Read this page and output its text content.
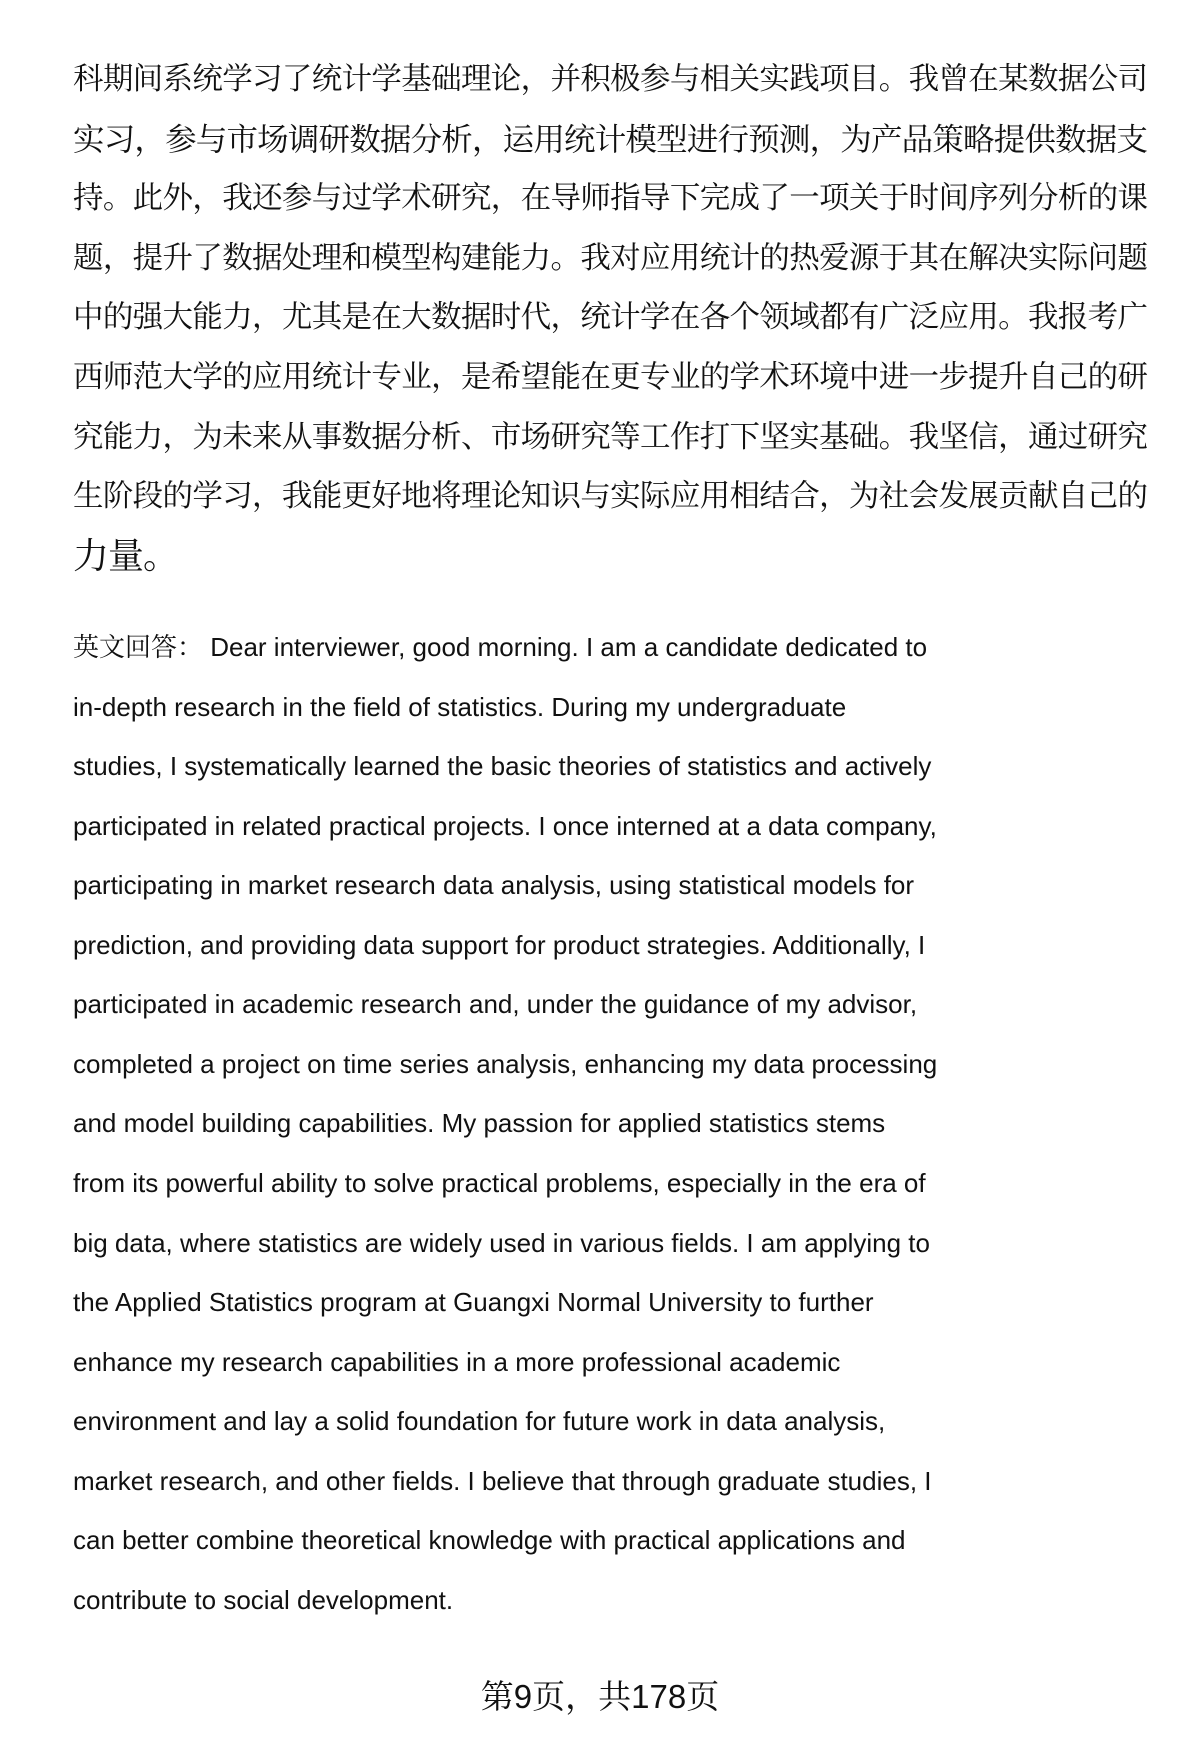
科期间系统学习了统计学基础理论，并积极参与相关实践项目。我曾在某数据公司
实习，参与市场调研数据分析，运用统计模型进行预测，为产品策略提供数据支
持。此外，我还参与过学术研究，在导师指导下完成了一项关于时间序列分析的课
题，提升了数据处理和模型构建能力。我对应用统计的热爱源于其在解决实际问题
中的强大能力，尤其是在大数据时代，统计学在各个领域都有广泛应用。我报考广
西师范大学的应用统计专业，是希望能在更专业的学术环境中进一步提升自己的研
究能力，为未来从事数据分析、市场研究等工作打下坚实基础。我坚信，通过研究
生阶段的学习，我能更好地将理论知识与实际应用相结合，为社会发展贡献自己的
力量。
英文回答： Dear interviewer, good morning. I am a candidate dedicated to
in-depth research in the field of statistics. During my undergraduate
studies, I systematically learned the basic theories of statistics and actively
participated in related practical projects. I once interned at a data company,
participating in market research data analysis, using statistical models for
prediction, and providing data support for product strategies. Additionally, I
participated in academic research and, under the guidance of my advisor,
completed a project on time series analysis, enhancing my data processing
and model building capabilities. My passion for applied statistics stems
from its powerful ability to solve practical problems, especially in the era of
big data, where statistics are widely used in various fields. I am applying to
the Applied Statistics program at Guangxi Normal University to further
enhance my research capabilities in a more professional academic
environment and lay a solid foundation for future work in data analysis,
market research, and other fields. I believe that through graduate studies, I
can better combine theoretical knowledge with practical applications and
contribute to social development.
第9页，共178页
